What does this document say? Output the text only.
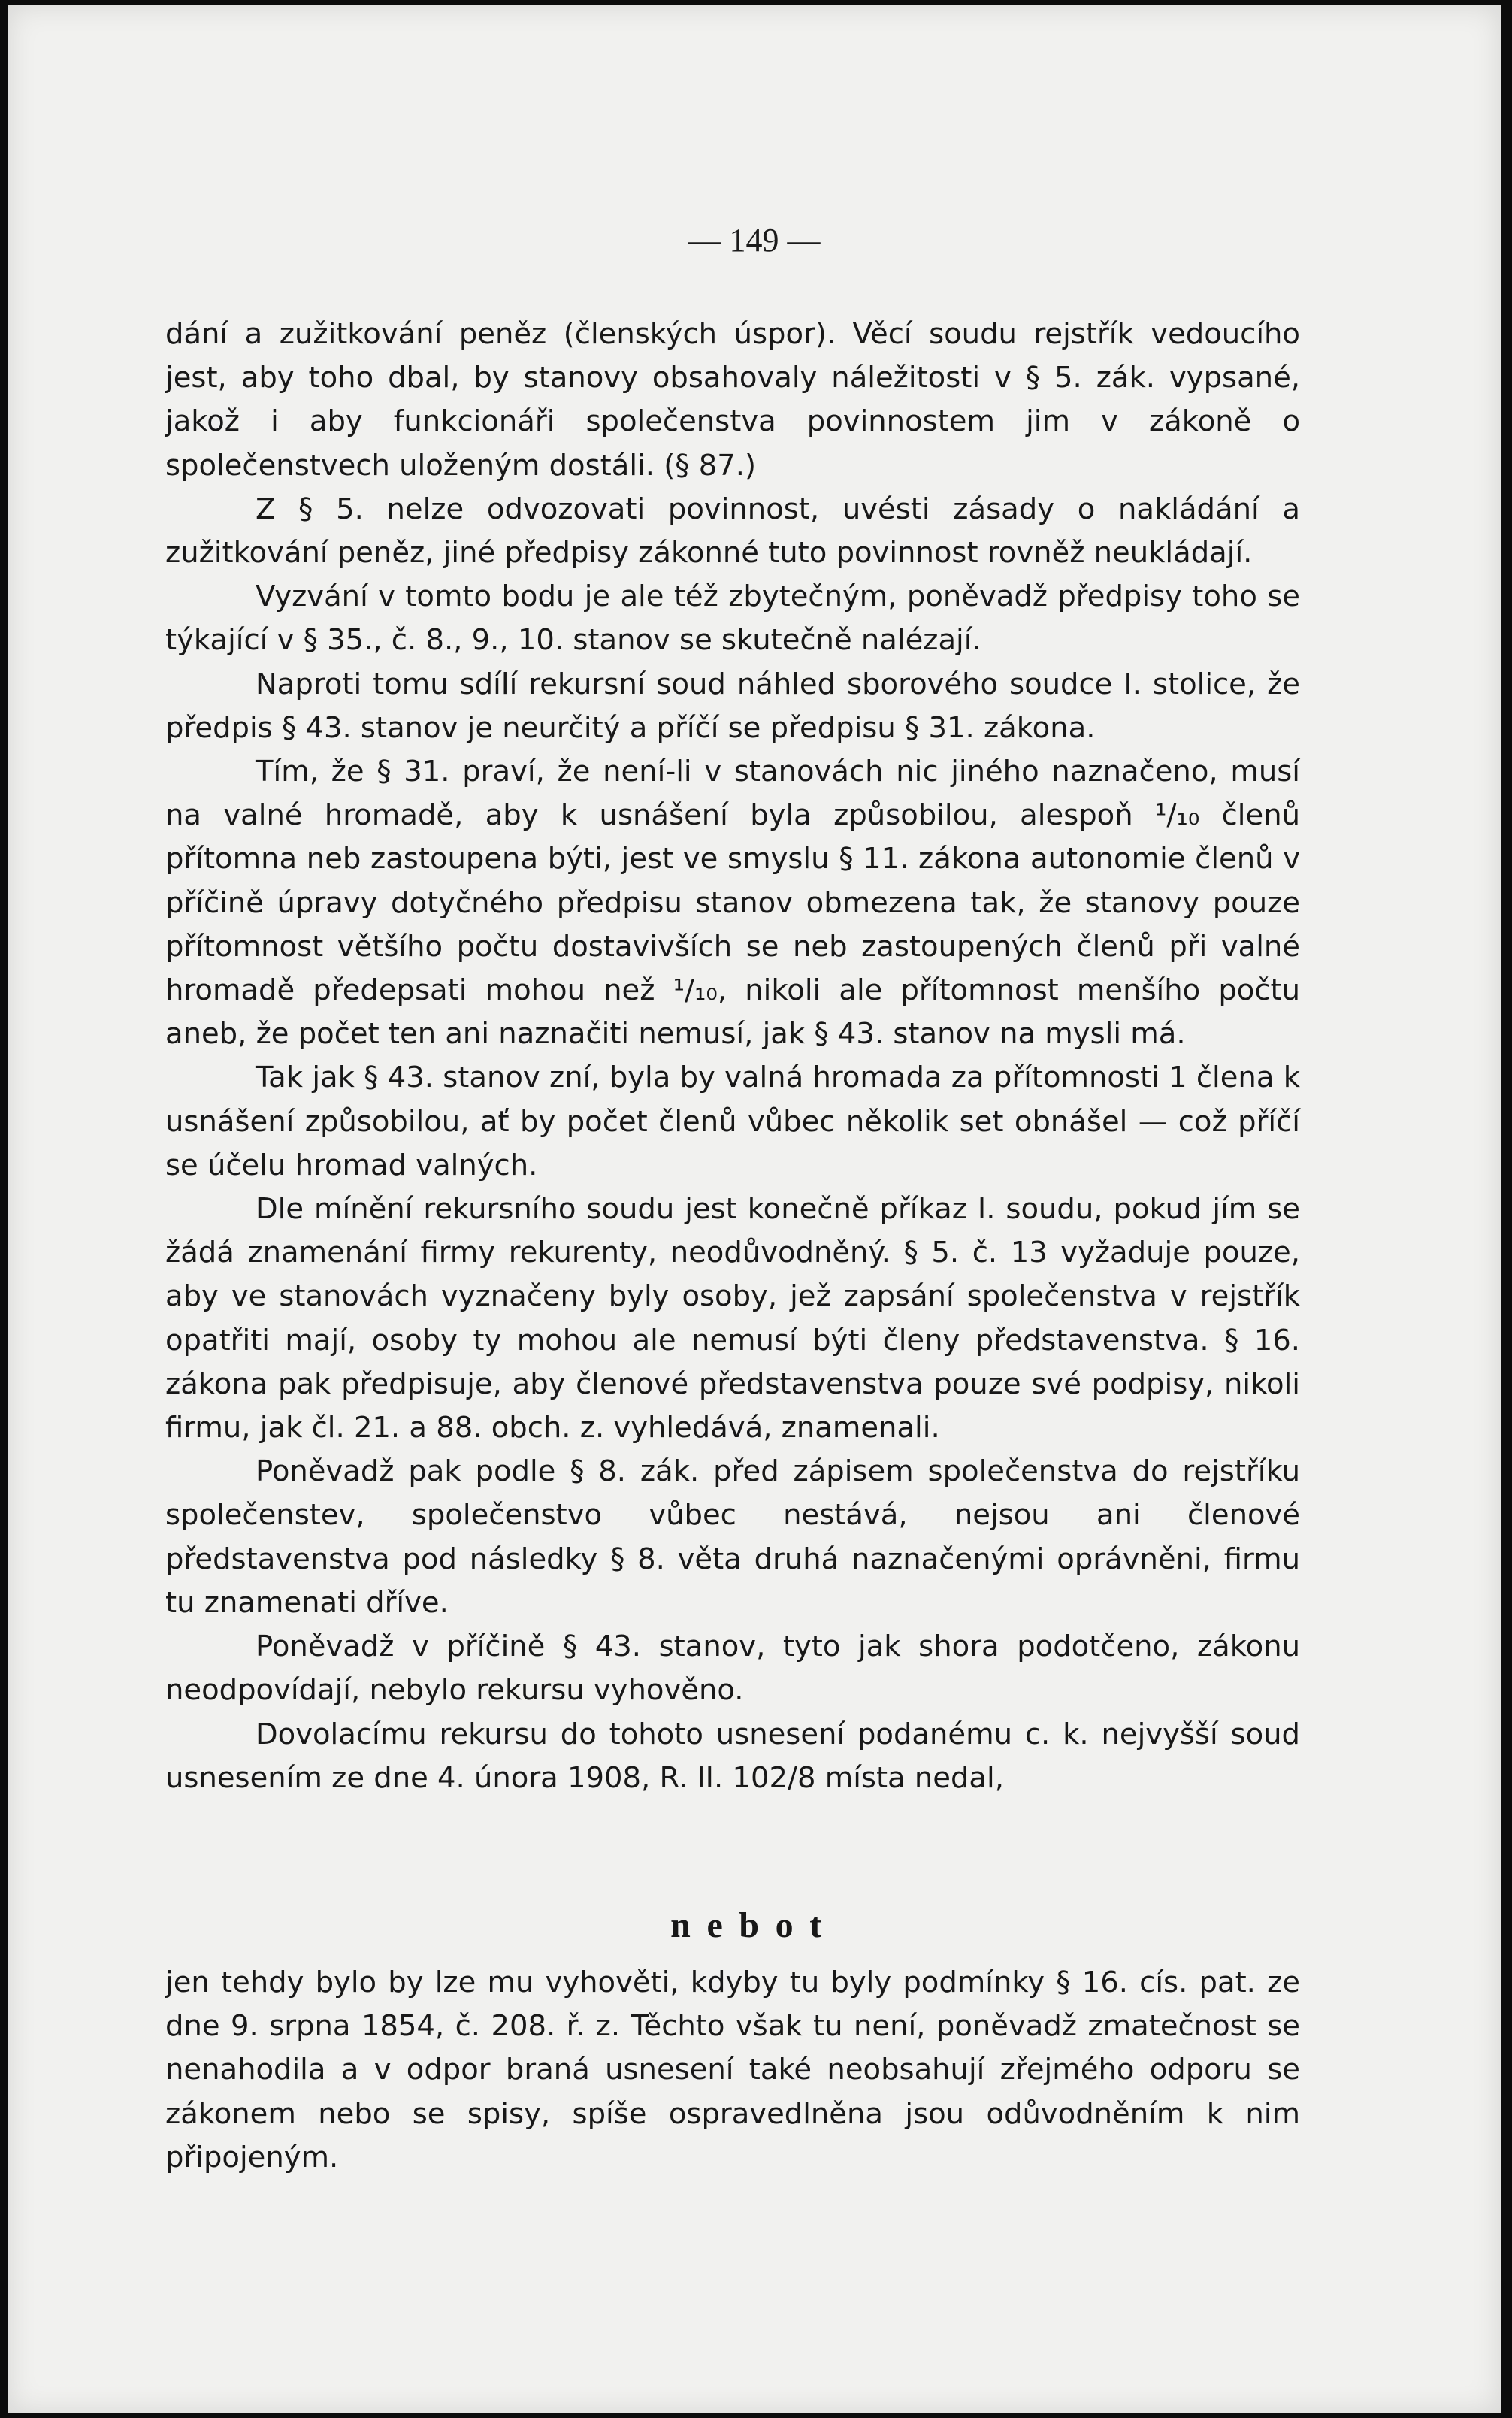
— 149 —

dání a zužitkování peněz (členských úspor). Věcí soudu rejstřík vedoucího jest, aby toho dbal, by stanovy obsahovaly náležitosti v § 5. zák. vypsané, jakož i aby funkcionáři společenstva povinnostem jim v zákoně o společenstvech uloženým dostáli. (§ 87.)

Z § 5. nelze odvozovati povinnost, uvésti zásady o nakládání a zužitkování peněz, jiné předpisy zákonné tuto povinnost rovněž neukládají.

Vyzvání v tomto bodu je ale též zbytečným, poněvadž předpisy toho se týkající v § 35., č. 8., 9., 10. stanov se skutečně nalézají.

Naproti tomu sdílí rekursní soud náhled sborového soudce I. stolice, že předpis § 43. stanov je neurčitý a příčí se předpisu § 31. zákona.

Tím, že § 31. praví, že není-li v stanovách nic jiného naznačeno, musí na valné hromadě, aby k usnášení byla způsobilou, alespoň ¹/₁₀ členů přítomna neb zastoupena býti, jest ve smyslu § 11. zákona autonomie členů v příčině úpravy dotyčného předpisu stanov obmezena tak, že stanovy pouze přítomnost většího počtu dostavivších se neb zastoupených členů při valné hromadě předepsati mohou než ¹/₁₀, nikoli ale přítomnost menšího počtu aneb, že počet ten ani naznačiti nemusí, jak § 43. stanov na mysli má.

Tak jak § 43. stanov zní, byla by valná hromada za přítomnosti 1 člena k usnášení způsobilou, ať by počet členů vůbec několik set obnášel — což příčí se účelu hromad valných.

Dle mínění rekursního soudu jest konečně příkaz I. soudu, pokud jím se žádá znamenání firmy rekurenty, neodůvodněný. § 5. č. 13 vyžaduje pouze, aby ve stanovách vyznačeny byly osoby, jež zapsání společenstva v rejstřík opatřiti mají, osoby ty mohou ale nemusí býti členy představenstva. § 16. zákona pak předpisuje, aby členové představenstva pouze své podpisy, nikoli firmu, jak čl. 21. a 88. obch. z. vyhledává, znamenali.

Poněvadž pak podle § 8. zák. před zápisem společenstva do rejstříku společenstev, společenstvo vůbec nestává, nejsou ani členové představenstva pod následky § 8. věta druhá naznačenými oprávněni, firmu tu znamenati dříve.

Poněvadž v příčině § 43. stanov, tyto jak shora podotčeno, zákonu neodpovídají, nebylo rekursu vyhověno.

Dovolacímu rekursu do tohoto usnesení podanému c. k. nejvyšší soud usnesením ze dne 4. února 1908, R. II. 102/8 místa nedal,

nebot

jen tehdy bylo by lze mu vyhověti, kdyby tu byly podmínky § 16. cís. pat. ze dne 9. srpna 1854, č. 208. ř. z. Těchto však tu není, poněvadž zmatečnost se nenahodila a v odpor braná usnesení také neobsahují zřejmého odporu se zákonem nebo se spisy, spíše ospravedlněna jsou odůvodněním k nim připojeným.
